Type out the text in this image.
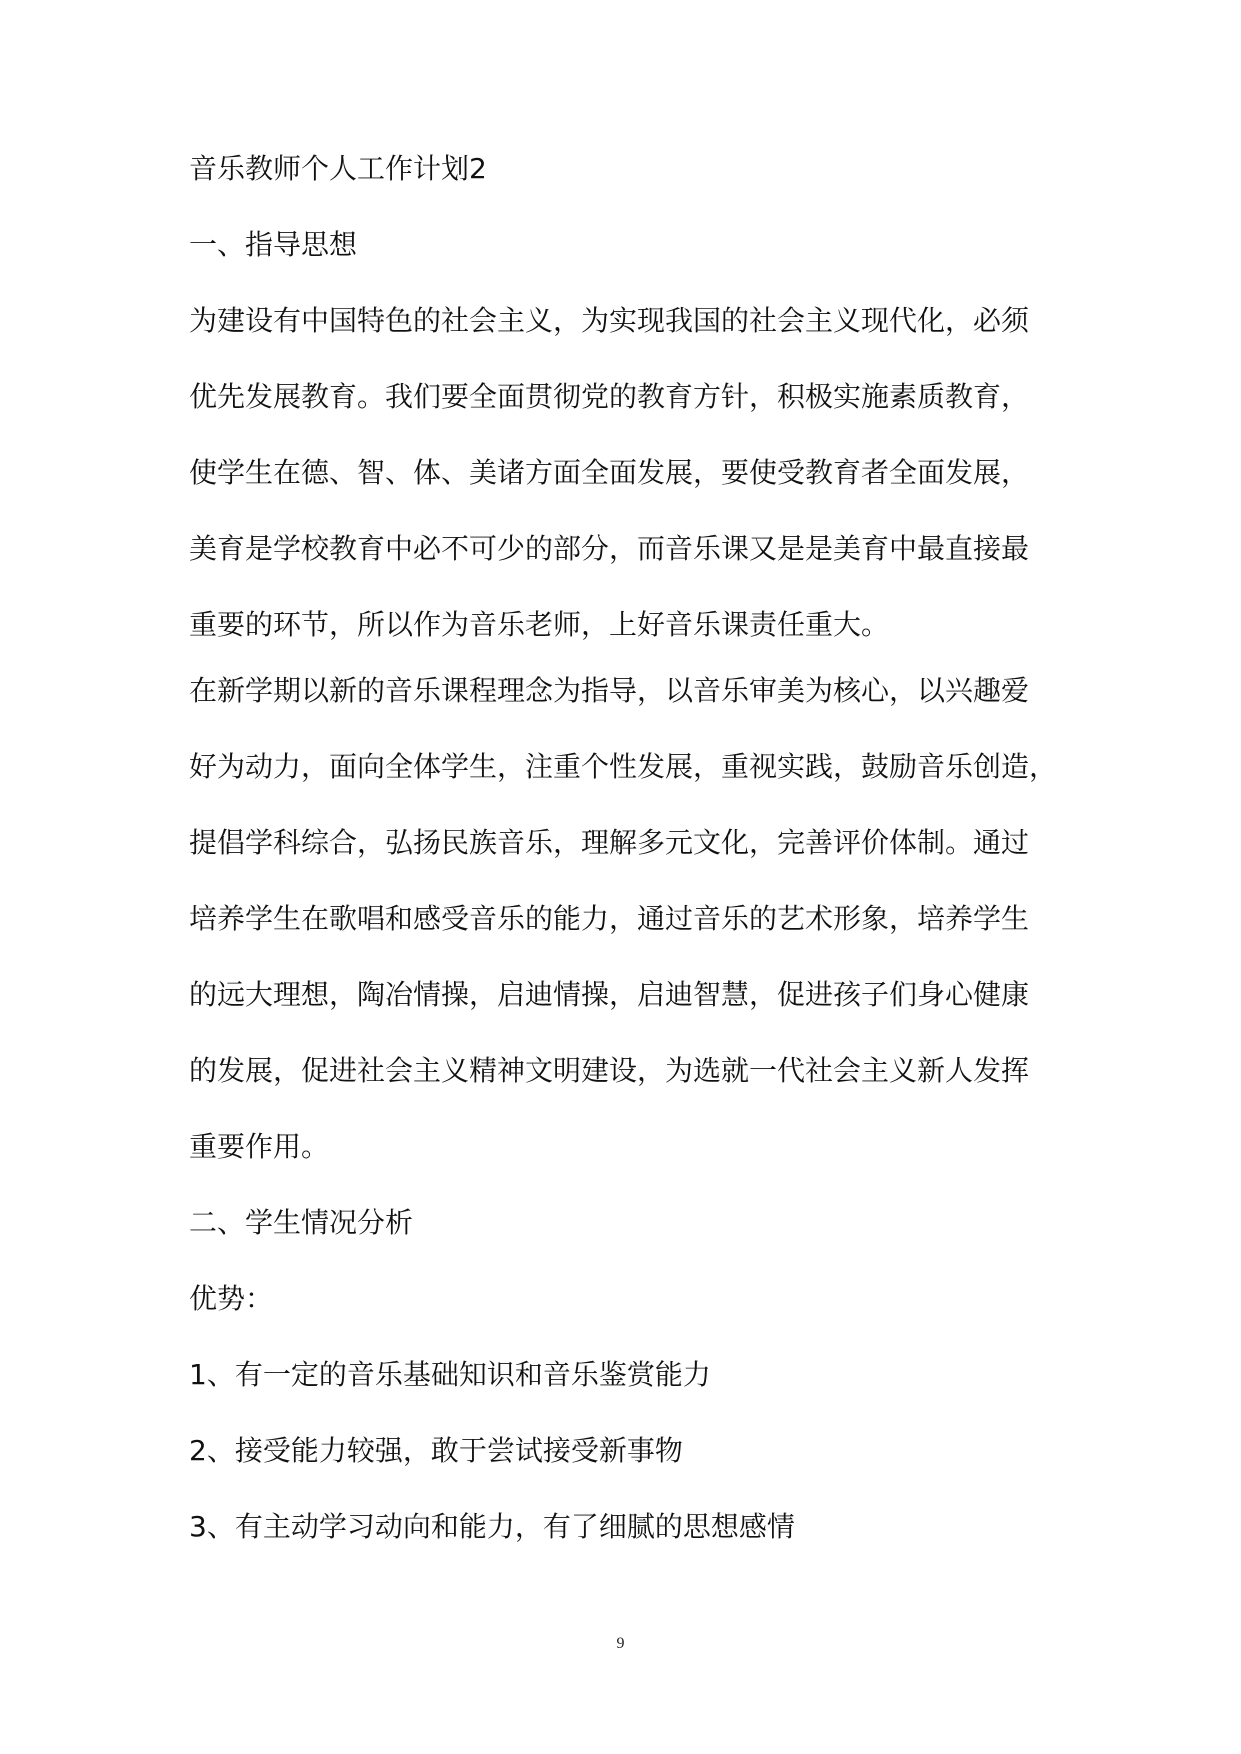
音乐教师个人工作计划2

一、指导思想

为建设有中国特色的社会主义，为实现我国的社会主义现代化，必须

优先发展教育。我们要全面贯彻党的教育方针，积极实施素质教育，

使学生在德、智、体、美诸方面全面发展，要使受教育者全面发展，

美育是学校教育中必不可少的部分，而音乐课又是是美育中最直接最

重要的环节，所以作为音乐老师，上好音乐课责任重大。

在新学期以新的音乐课程理念为指导，以音乐审美为核心，以兴趣爱

好为动力，面向全体学生，注重个性发展，重视实践，鼓励音乐创造，

提倡学科综合，弘扬民族音乐，理解多元文化，完善评价体制。通过

培养学生在歌唱和感受音乐的能力，通过音乐的艺术形象，培养学生

的远大理想，陶冶情操，启迪情操，启迪智慧，促进孩子们身心健康

的发展，促进社会主义精神文明建设，为选就一代社会主义新人发挥

重要作用。

二、学生情况分析

优势：

1、有一定的音乐基础知识和音乐鉴赏能力

2、接受能力较强，敢于尝试接受新事物

3、有主动学习动向和能力，有了细腻的思想感情

9
